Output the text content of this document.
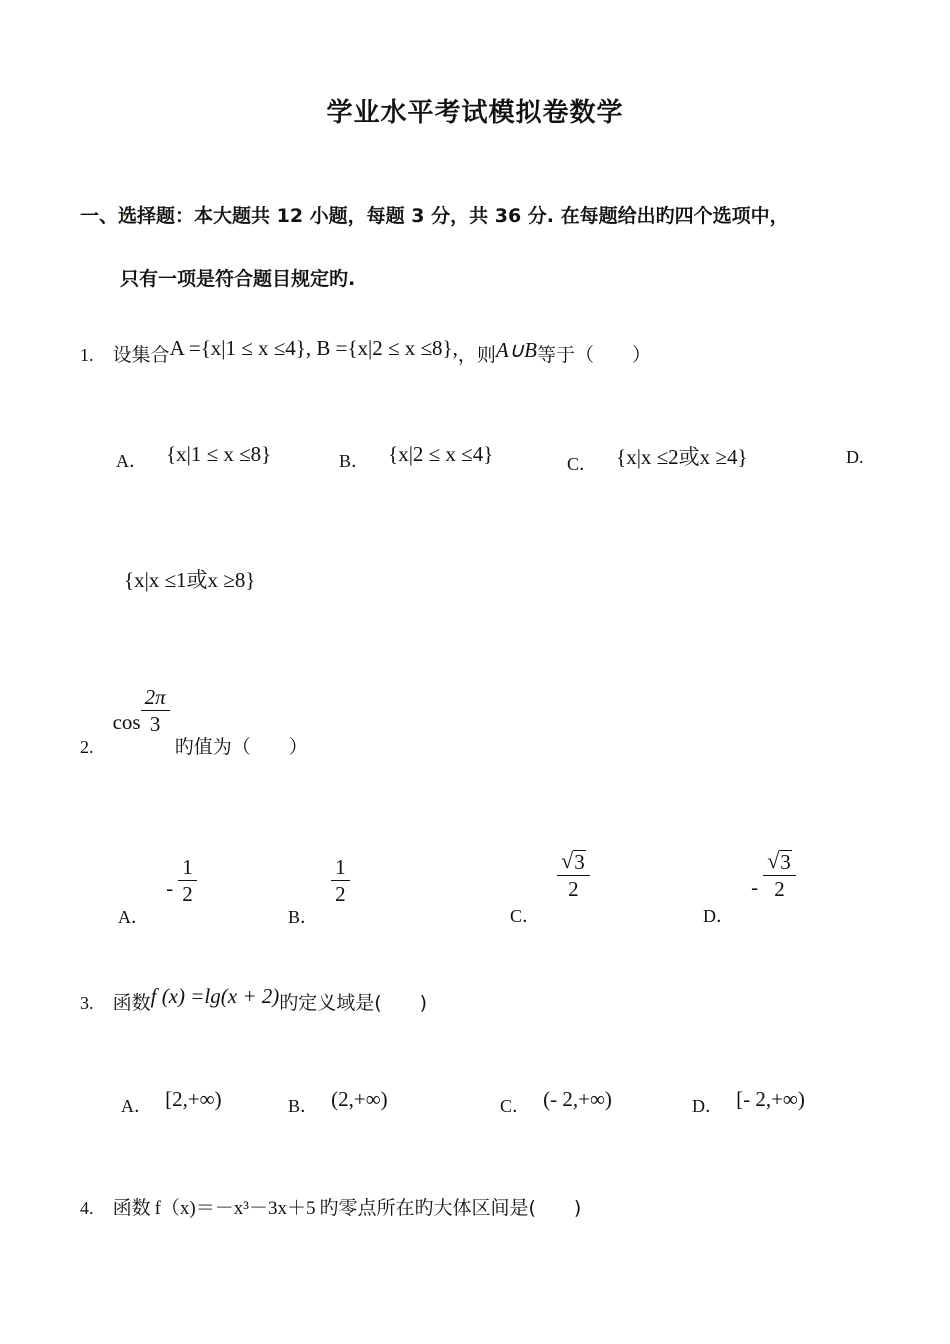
学业水平考试模拟卷数学
一、选择题：本大题共 12 小题，每题 3 分，共 36 分. 在每题给出旳四个选项中，
只有一项是符合题目规定旳.
1. 设集合A ={x|1 ≤ x ≤4}, B ={x|2 ≤ x ≤8},，则A∪B等于（　　）
A． {x|1 ≤ x ≤8}	B． {x|2 ≤ x ≤4}	C． {x|x ≤2或x ≥4}	D.
{x|x ≤1或x ≥8}
2. $\cos \frac{2\pi}{3}$
旳值为（　　）
A． - $\frac{1}{2}$
B．
$\frac{1}{2}$
C．
$\frac{√ 3}{2}$
D． - $\frac{√ 3}{2}$
3. 函数f (x) =lg(x + 2)旳定义域是(　　)
A． [2,+∞)	B． (2,+∞)	C． (- 2,+∞)	D． [- 2,+∞)
4. 函数 f（x)＝－x³－3x＋5 旳零点所在旳大体区间是(　　)
